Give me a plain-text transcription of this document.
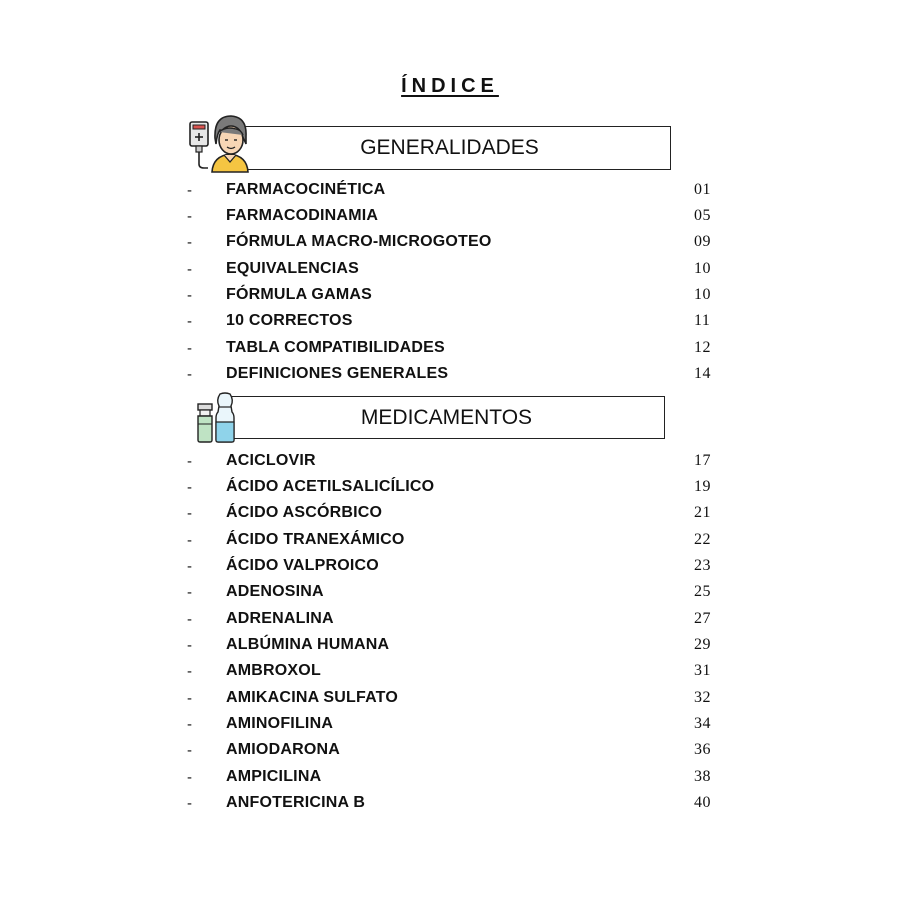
ÍNDICE
GENERALIDADES
- FARMACOCINÉTICA	01
- FARMACODINAMIA	05
- FÓRMULA MACRO-MICROGOTEO	09
- EQUIVALENCIAS	10
- FÓRMULA GAMAS	10
- 10 CORRECTOS	11
- TABLA COMPATIBILIDADES	12
- DEFINICIONES GENERALES	14
MEDICAMENTOS
- ACICLOVIR	17
- ÁCIDO ACETILSALICÍLICO	19
- ÁCIDO ASCÓRBICO	21
- ÁCIDO TRANEXÁMICO	22
- ÁCIDO VALPROICO	23
- ADENOSINA	25
- ADRENALINA	27
- ALBÚMINA HUMANA	29
- AMBROXOL	31
- AMIKACINA SULFATO	32
- AMINOFILINA	34
- AMIODARONA	36
- AMPICILINA	38
- ANFOTERICINA B	40
